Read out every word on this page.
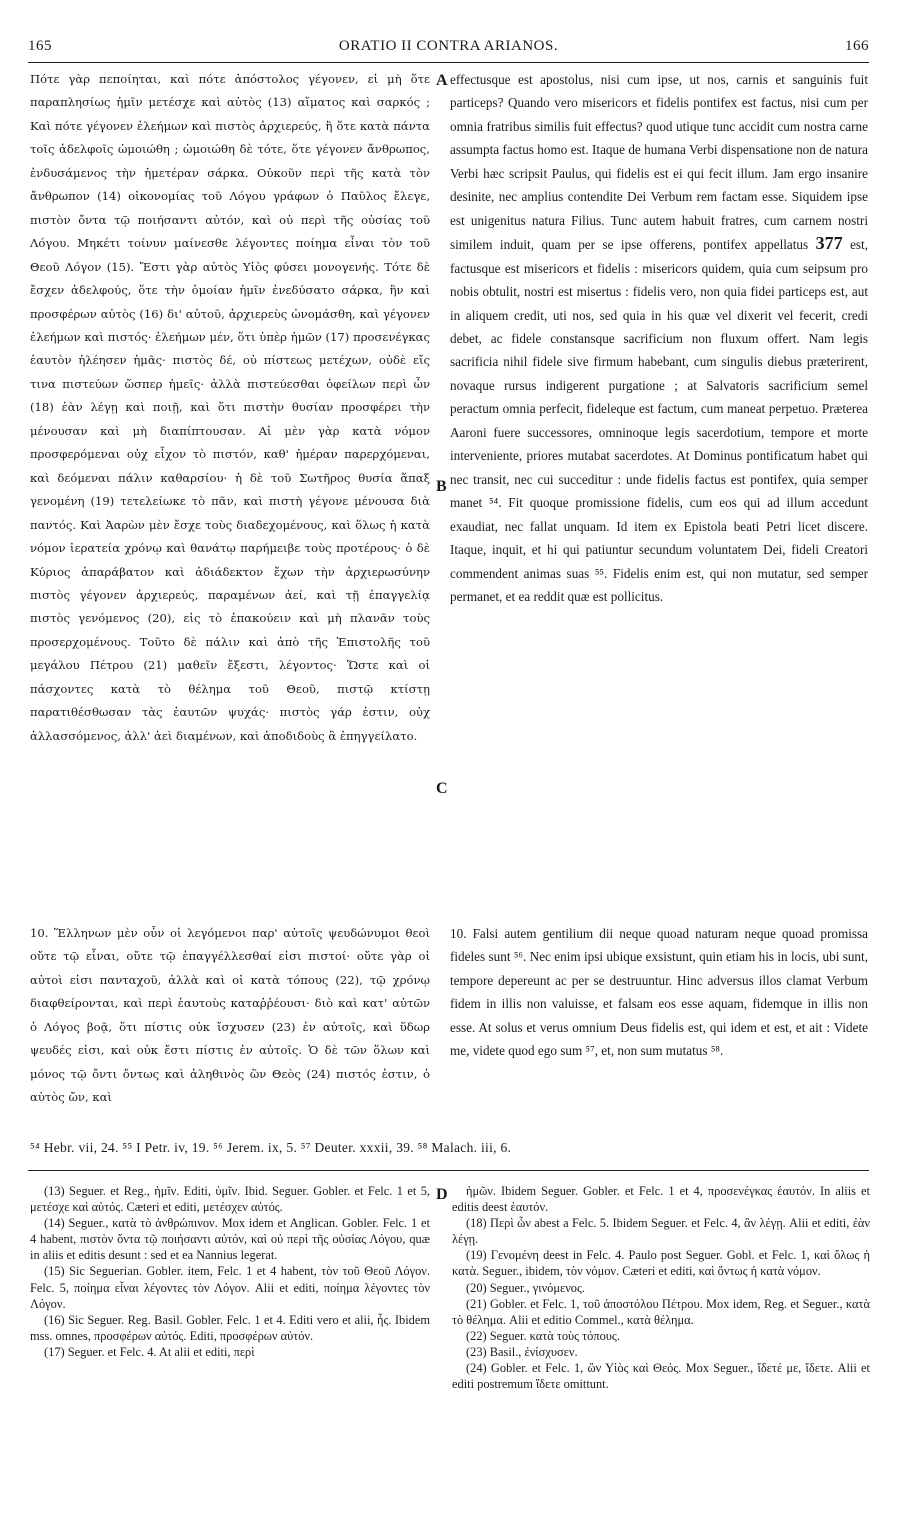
165	ORATIO II CONTRA ARIANOS.	166
A
B
C
D

Πότε γὰρ πεποίηται, καὶ πότε ἀπόστολος γέγονεν, εἰ μὴ ὅτε παραπλησίως ἡμῖν μετέσχε καὶ αὐτὸς (13) αἵματος καὶ σαρκός ; Καὶ πότε γέγονεν ἐλεήμων καὶ πιστὸς ἀρχιερεύς, ἢ ὅτε κατὰ πάντα τοῖς ἀδελφοῖς ὡμοιώθη ; ὡμοιώθη δὲ τότε, ὅτε γέγονεν ἄνθρωπος, ἐνδυσάμενος τὴν ἡμετέραν σάρκα. Οὐκοῦν περὶ τῆς κατὰ τὸν ἄνθρωπον (14) οἰκονομίας τοῦ Λόγου γράφων ὁ Παῦλος ἔλεγε, πιστὸν ὄντα τῷ ποιήσαντι αὐτόν, καὶ οὐ περὶ τῆς οὐσίας τοῦ Λόγου. Μηκέτι τοίνυν μαίνεσθε λέγοντες ποίημα εἶναι τὸν τοῦ Θεοῦ Λόγον (15). Ἔστι γὰρ αὐτὸς Υἱὸς φύσει μονογενής. Τότε δὲ ἔσχεν ἀδελφούς, ὅτε τὴν ὁμοίαν ἡμῖν ἐνεδύσατο σάρκα, ἣν καὶ προσφέρων αὐτὸς (16) δι' αὐτοῦ, ἀρχιερεὺς ὠνομάσθη, καὶ γέγονεν ἐλεήμων καὶ πιστός· ἐλεήμων μέν, ὅτι ὑπὲρ ἡμῶν (17) προσενέγκας ἑαυτὸν ἠλέησεν ἡμᾶς· πιστὸς δέ, οὐ πίστεως μετέχων, οὐδὲ εἴς τινα πιστεύων ὥσπερ ἡμεῖς· ἀλλὰ πιστεύεσθαι ὀφείλων περὶ ὧν (18) ἐὰν λέγῃ καὶ ποιῇ, καὶ ὅτι πιστὴν θυσίαν προσφέρει τὴν μένουσαν καὶ μὴ διαπίπτουσαν. Αἱ μὲν γὰρ κατὰ νόμον προσφερόμεναι οὐχ εἶχον τὸ πιστόν, καθ' ἡμέραν παρερχόμεναι, καὶ δεόμεναι πάλιν καθαρσίου· ἡ δὲ τοῦ Σωτῆρος θυσία ἅπαξ γενομένη (19) τετελείωκε τὸ πᾶν, καὶ πιστὴ γέγονε μένουσα διὰ παντός. Καὶ Ἀαρὼν μὲν ἔσχε τοὺς διαδεχομένους, καὶ ὅλως ἡ κατὰ νόμον ἱερατεία χρόνῳ καὶ θανάτῳ παρήμειβε τοὺς προτέρους· ὁ δὲ Κύριος ἀπαράβατον καὶ ἀδιάδεκτον ἔχων τὴν ἀρχιερωσύνην πιστὸς γέγονεν ἀρχιερεύς, παραμένων ἀεί, καὶ τῇ ἐπαγγελίᾳ πιστὸς γενόμενος (20), εἰς τὸ ἐπακούειν καὶ μὴ πλανᾶν τοὺς προσερχομένους. Τοῦτο δὲ πάλιν καὶ ἀπὸ τῆς Ἐπιστολῆς τοῦ μεγάλου Πέτρου (21) μαθεῖν ἔξεστι, λέγοντος· Ὥστε καὶ οἱ πάσχοντες κατὰ τὸ θέλημα τοῦ Θεοῦ, πιστῷ κτίστῃ παρατιθέσθωσαν τὰς ἑαυτῶν ψυχάς· πιστὸς γάρ ἐστιν, οὐχ ἀλλασσόμενος, ἀλλ' ἀεὶ διαμένων, καὶ ἀποδιδοὺς ἃ ἐπηγγείλατο.

effectusque est apostolus, nisi cum ipse, ut nos, carnis et sanguinis fuit particeps? Quando vero misericors et fidelis pontifex est factus, nisi cum per omnia fratribus similis fuit effectus? quod utique tunc accidit cum nostra carne assumpta factus homo est. Itaque de humana Verbi dispensatione non de natura Verbi hæc scripsit Paulus, qui fidelis est ei qui fecit illum. Jam ergo insanire desinite, nec amplius contendite Dei Verbum rem factam esse. Siquidem ipse est unigenitus natura Filius. Tunc autem habuit fratres, cum carnem nostri similem induit, quam per se ipse offerens, pontifex appellatus 377 est, factusque est misericors et fidelis : misericors quidem, quia cum seipsum pro nobis obtulit, nostri est misertus : fidelis vero, non quia fidei particeps est, aut in aliquem credit, uti nos, sed quia in his quæ vel dixerit vel fecerit, credi debet, ac fidele constansque sacrificium non fluxum offert. Nam legis sacrificia nihil fidele sive firmum habebant, cum singulis diebus præterirent, novaque rursus indigerent purgatione ; at Salvatoris sacrificium semel peractum omnia perfecit, fideleque est factum, cum maneat perpetuo. Præterea Aaroni fuere successores, omninoque legis sacerdotium, tempore et morte interveniente, priores mutabat sacerdotes. At Dominus pontificatum habet qui nec transit, nec cui succeditur : unde fidelis factus est pontifex, quia semper manet ⁵⁴. Fit quoque promissione fidelis, cum eos qui ad illum accedunt exaudiat, nec fallat unquam. Id item ex Epistola beati Petri licet discere. Itaque, inquit, et hi qui patiuntur secundum voluntatem Dei, fideli Creatori commendent animas suas ⁵⁵. Fidelis enim est, qui non mutatur, sed semper permanet, et ea reddit quæ est pollicitus.

10. Ἕλληνων μὲν οὖν οἱ λεγόμενοι παρ' αὐτοῖς ψευδώνυμοι θεοὶ οὔτε τῷ εἶναι, οὔτε τῷ ἐπαγγέλλεσθαί εἰσι πιστοί· οὔτε γὰρ οἱ αὐτοὶ εἰσι πανταχοῦ, ἀλλὰ καὶ οἱ κατὰ τόπους (22), τῷ χρόνῳ διαφθείρονται, καὶ περὶ ἑαυτοὺς καταῤῥέουσι· διὸ καὶ κατ' αὐτῶν ὁ Λόγος βοᾷ, ὅτι πίστις οὐκ ἴσχυσεν (23) ἐν αὐτοῖς, καὶ ὕδωρ ψευδές εἰσι, καὶ οὐκ ἔστι πίστις ἐν αὐτοῖς. Ὁ δὲ τῶν ὅλων καὶ μόνος τῷ ὄντι ὄντως καὶ ἀληθινὸς ὢν Θεὸς (24) πιστός ἐστιν, ὁ αὐτὸς ὤν, καὶ

10. Falsi autem gentilium dii neque quoad naturam neque quoad promissa fideles sunt ⁵⁶. Nec enim ipsi ubique exsistunt, quin etiam his in locis, ubi sunt, tempore depereunt ac per se destruuntur. Hinc adversus illos clamat Verbum fidem in illis non valuisse, et falsam eos esse aquam, fidemque in illis non esse. At solus et verus omnium Deus fidelis est, qui idem et est, et ait : Videte me, videte quod ego sum ⁵⁷, et, non sum mutatus ⁵⁸.

⁵⁴ Hebr. vii, 24. ⁵⁵ I Petr. iv, 19. ⁵⁶ Jerem. ix, 5. ⁵⁷ Deuter. xxxii, 39. ⁵⁸ Malach. iii, 6.

(13) Seguer. et Reg., ἡμῖν. Editi, ὑμῖν. Ibid. Seguer. Gobler. et Felc. 1 et 5, μετέσχε καὶ αὐτός. Cæteri et editi, μετέσχεν αὐτός.

(14) Seguer., κατὰ τὸ ἀνθρώπινον. Mox idem et Anglican. Gobler. Felc. 1 et 4 habent, πιστὸν ὄντα τῷ ποιήσαντι αὐτόν, καὶ οὐ περὶ τῆς οὐσίας Λόγου, quæ in aliis et editis desunt : sed et ea Nannius legerat.

(15) Sic Seguerian. Gobler. item, Felc. 1 et 4 habent, τὸν τοῦ Θεοῦ Λόγον. Felc. 5, ποίημα εἶναι λέγοντες τὸν Λόγον. Alii et editi, ποίημα λέγοντες τὸν Λόγον.

(16) Sic Seguer. Reg. Basil. Gobler. Felc. 1 et 4. Editi vero et alii, ἧς. Ibidem mss. omnes, προσφέρων αὐτός. Editi, προσφέρων αὐτόν.

(17) Seguer. et Felc. 4. At alii et editi, περὶ

ἡμῶν. Ibidem Seguer. Gobler. et Felc. 1 et 4, προσενέγκας ἑαυτόν. In aliis et editis deest ἑαυτόν.

(18) Περὶ ὧν abest a Felc. 5. Ibidem Seguer. et Felc. 4, ἂν λέγῃ. Alii et editi, ἐὰν λέγῃ.

(19) Γενομένη deest in Felc. 4. Paulo post Seguer. Gobl. et Felc. 1, καὶ ὅλως ἡ κατὰ. Seguer., ibidem, τὸν νόμον. Cæteri et editi, καὶ ὄντως ἡ κατὰ νόμον.

(20) Seguer., γινόμενος.

(21) Gobler. et Felc. 1, τοῦ ἀποστόλου Πέτρου. Mox idem, Reg. et Seguer., κατὰ τὸ θέλημα. Alii et editio Commel., κατὰ θέλημα.

(22) Seguer. κατὰ τοὺς τόπους.

(23) Basil., ἐνίσχυσεν.

(24) Gobler. et Felc. 1, ὢν Υἱὸς καὶ Θεός. Mox Seguer., ἴδετέ με, ἴδετε. Alii et editi postremum ἴδετε omittunt.
